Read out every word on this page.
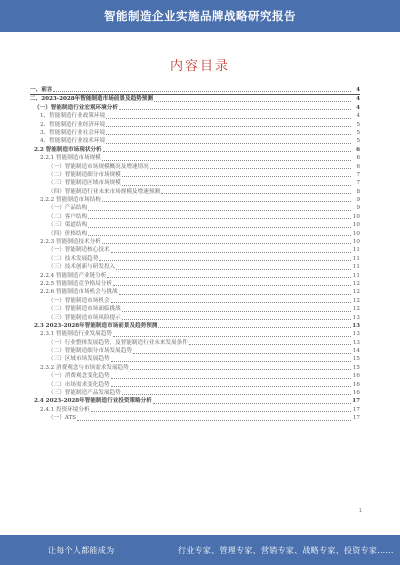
智能制造企业实施品牌战略研究报告
内容目录
一、前言	4
二、2023-2028年智能制造市场前景及趋势预测	4
（一）智能制造行业宏观环境分析	4
1、智能制造行业政策环境	4
2、智能制造行业经济环境	5
3、智能制造行业社会环境	5
4、智能制造行业技术环境	5
2.2 智能制造市场现状分析	6
2.2.1 智能制造市场规模	6
（一）智能制造市场规模概况及增速情况	6
（二）智能制造细分市场规模	7
（三）智能制造区域市场规模	7
（四）智能制造行业未来市场规模及增速预测	8
2.2.2 智能制造市场结构	9
（一）产品结构	9
（二）客户结构	10
（三）渠道结构	10
（四）价格结构	10
2.2.3 智能制造技术分析	10
（一）智能制造核心技术	11
（二）技术发展趋势	11
（三）技术创新与研发投入	11
2.2.4 智能制造产业链分析	11
2.2.5 智能制造竞争格局分析	12
2.2.6 智能制造市场机会与挑战	12
（一）智能制造市场机会	12
（二）智能制造市场面临挑战	12
（三）智能制造市场风险提示	13
2.3 2023-2028年智能制造市场前景及趋势预测	13
2.3.1 智能制造行业发展趋势	13
（一）行业整体发展趋势，及智能制造行业未来发展条件	13
（二）智能制造细分市场发展趋势	14
（三）区域市场发展趋势	15
2.3.2 消费观念与市场需求发展趋势	15
（一）消费观念变化趋势	16
（二）市场需求变化趋势	16
（三）智能制造产品发展趋势	16
2.4 2023-2028年智能制造行业投资策略分析	17
2.4.1 投资环境分析	17
（一）ATS	17
1
让每个人都能成为	行业专家、管理专家、营销专家、战略专家、投资专家……
